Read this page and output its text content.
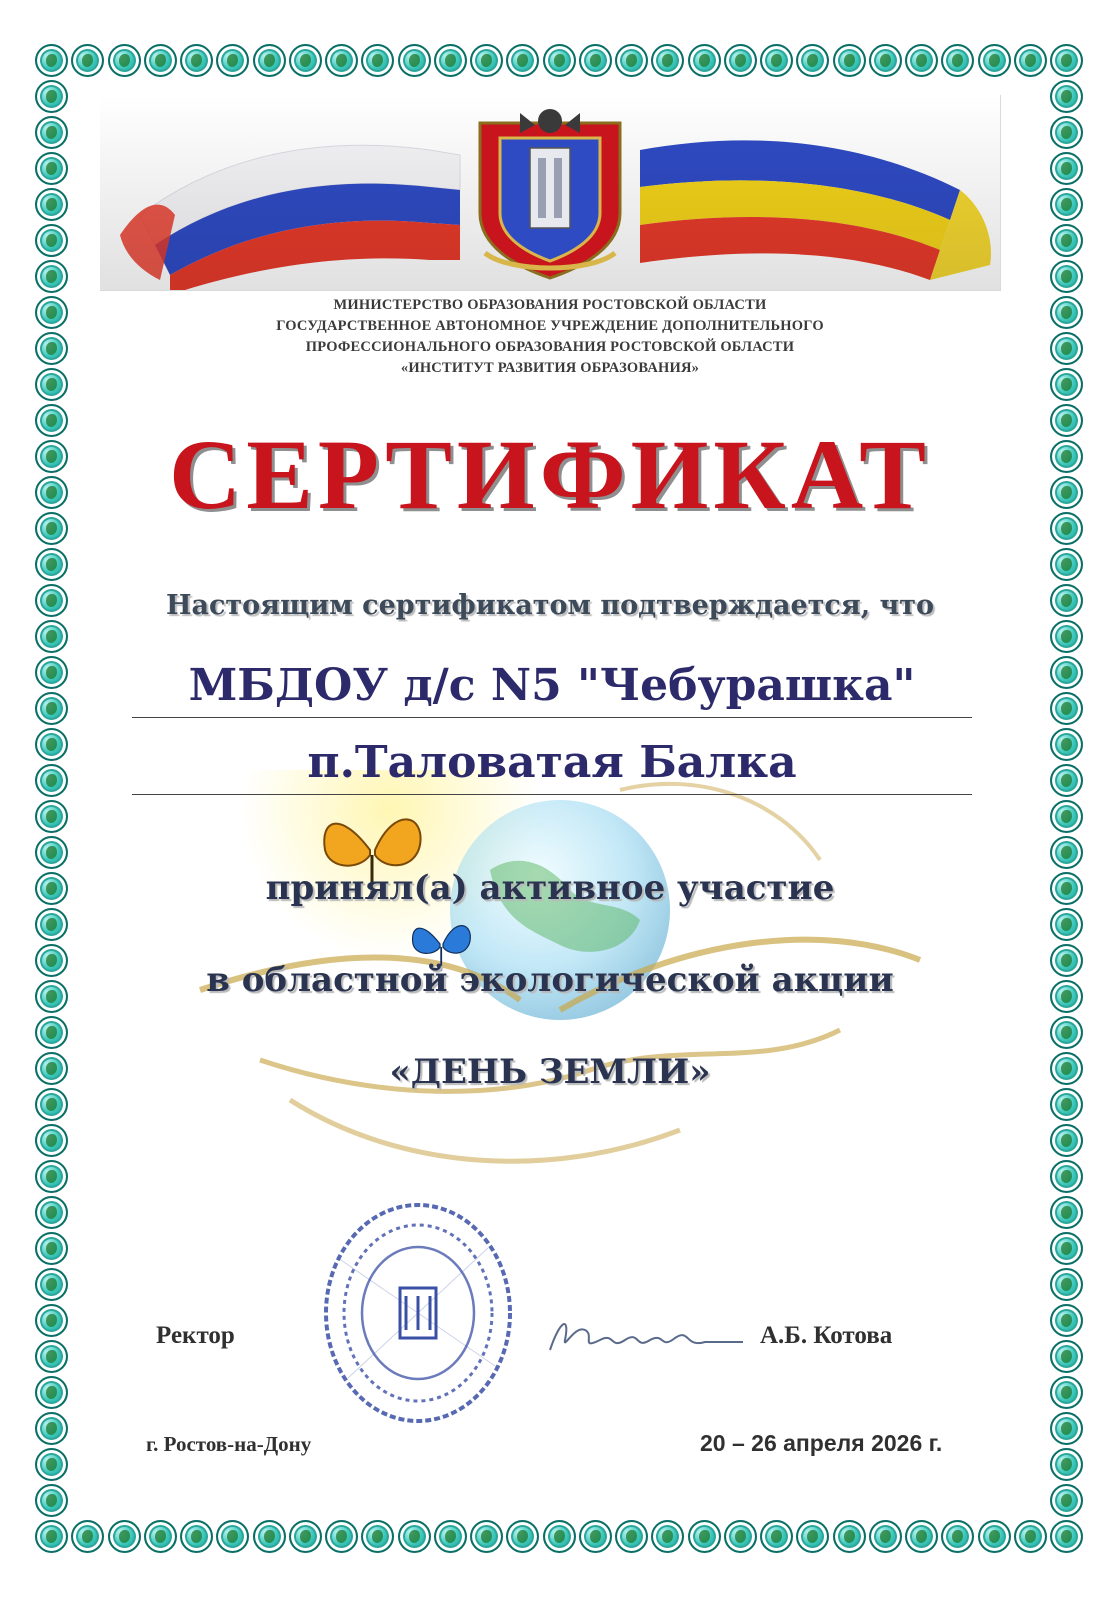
МИНИСТЕРСТВО ОБРАЗОВАНИЯ РОСТОВСКОЙ ОБЛАСТИ
ГОСУДАРСТВЕННОЕ АВТОНОМНОЕ УЧРЕЖДЕНИЕ ДОПОЛНИТЕЛЬНОГО
ПРОФЕССИОНАЛЬНОГО ОБРАЗОВАНИЯ РОСТОВСКОЙ ОБЛАСТИ
«ИНСТИТУТ РАЗВИТИЯ ОБРАЗОВАНИЯ»
СЕРТИФИКАТ
Настоящим сертификатом подтверждается, что
МБДОУ д/с N5 "Чебурашка"
п.Таловатая Балка
принял(а) активное участие
в областной экологической акции
«ДЕНЬ ЗЕМЛИ»
Ректор	А.Б. Котова
г. Ростов-на-Дону	20 – 26 апреля 2026 г.
